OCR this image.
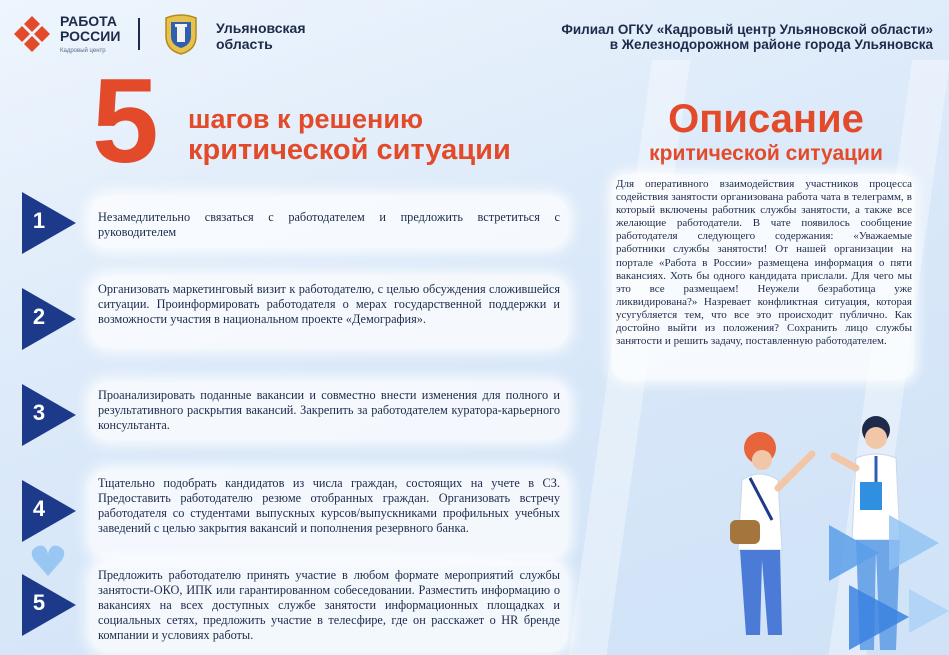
РАБОТА
РОССИИ
Кадровый центр
Ульяновская
область
Филиал ОГКУ «Кадровый центр Ульяновской области»
в Железнодорожном районе города Ульяновска
5 шагов к решению
критической ситуации
Описание
критической ситуации
1	Незамедлительно связаться с работодателем и предложить встретиться с руководителем
2
Организовать маркетинговый визит к работодателю, с целью обсуждения сложившейся ситуации. Проинформировать работодателя о мерах государственной поддержки и возможности участия в национальном проекте «Демография».
3
Проанализировать поданные вакансии и совместно внести изменения для полного и результативного раскрытия вакансий. Закрепить за работодателем куратора-карьерного консультанта.
4
Тщательно подобрать кандидатов из числа граждан, состоящих на учете в СЗ. Предоставить работодателю резюме отобранных граждан. Организовать встречу работодателя со студентами выпускных курсов/выпускниками профильных учебных заведений с целью закрытия вакансий и пополнения резервного банка.
5
Предложить работодателю принять участие в любом формате мероприятий службы занятости-ОКО, ИПК или гарантированном собеседовании. Разместить информацию о вакансиях на всех доступных службе занятости информационных площадках и социальных сетях, предложить участие в телесфире, где он расскажет о HR бренде компании и условиях работы.
Для оперативного взаимодействия участников процесса содействия занятости организована работа чата в телеграмм, в который включены работник службы занятости, а также все желающие работодатели. В чате появилось сообщение работодателя следующего содержания: «Уважаемые работники службы занятости! От нашей организации на портале «Работа в России» размещена информация о пяти вакансиях. Хоть бы одного кандидата прислали. Для чего мы это все размещаем! Неужели безработица уже ликвидирована?» Назревает конфликтная ситуация, которая усугубляется тем, что все это происходит публично. Как достойно выйти из положения? Сохранить лицо службы занятости и решить задачу, поставленную работодателем.
